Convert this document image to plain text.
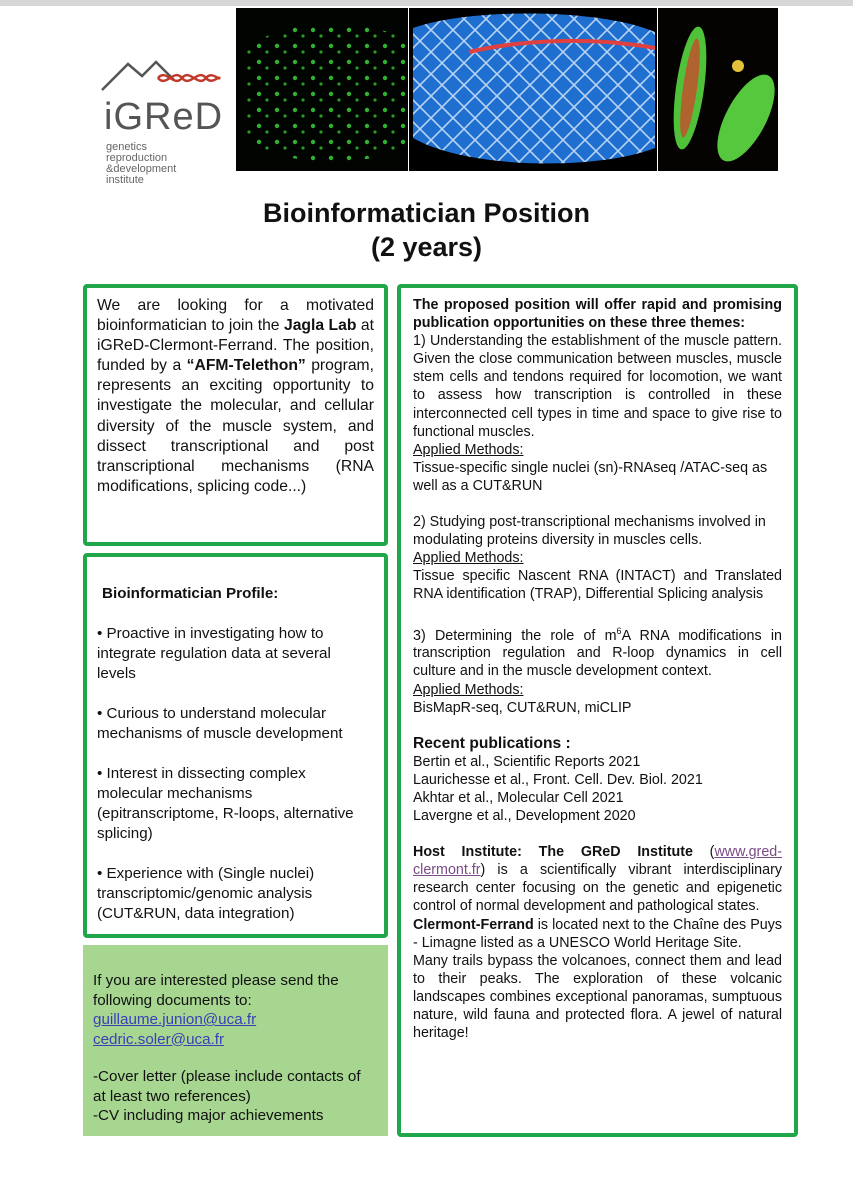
iGReD
genetics
reproduction
&development
institute
Bioinformatician Position
(2 years)

We are looking for a motivated bioinformatician to join the Jagla Lab at iGReD-Clermont-Ferrand. The position, funded by a “AFM-Telethon” program, represents an exciting opportunity to investigate the molecular, and cellular diversity of the muscle system, and dissect transcriptional and post transcriptional mechanisms (RNA modifications, splicing code...)

Bioinformatician Profile:

• Proactive in investigating how to integrate regulation data at several levels

• Curious to understand molecular mechanisms of muscle development

• Interest in dissecting complex molecular mechanisms (epitranscriptome, R-loops, alternative splicing)

• Experience with (Single nuclei) transcriptomic/genomic analysis (CUT&RUN, data integration)

If you are interested please send the following documents to:

guillaume.junion@uca.fr

cedric.soler@uca.fr

-Cover letter (please include contacts of at least two references)

-CV including major achievements

The proposed position will offer rapid and promising publication opportunities on these three themes:

1) Understanding the establishment of the muscle pattern. Given the close communication between muscles, muscle stem cells and tendons required for locomotion, we want to assess how transcription is controlled in these interconnected cell types in time and space to give rise to functional muscles.

Applied Methods:

Tissue-specific single nuclei (sn)-RNAseq /ATAC-seq as well as a CUT&RUN

2) Studying post-transcriptional mechanisms involved in modulating proteins diversity in muscles cells.

Applied Methods:

Tissue specific Nascent RNA (INTACT) and Translated RNA identification (TRAP), Differential Splicing analysis

3) Determining the role of $m^6A$ RNA modifications in transcription regulation and R-loop dynamics in cell culture and in the muscle development context.

Applied Methods:

BisMapR-seq, CUT&RUN, miCLIP

Recent publications :

Bertin et al., Scientific Reports 2021

Laurichesse et al., Front. Cell. Dev. Biol. 2021

Akhtar et al., Molecular Cell 2021

Lavergne et al., Development 2020

Host Institute: The GReD Institute (www.gred-clermont.fr) is a scientifically vibrant interdisciplinary research center focusing on the genetic and epigenetic control of normal development and pathological states.

Clermont-Ferrand is located next to the Chaîne des Puys - Limagne listed as a UNESCO World Heritage Site.

Many trails bypass the volcanoes, connect them and lead to their peaks. The exploration of these volcanic landscapes combines exceptional panoramas, sumptuous nature, wild fauna and protected flora. A jewel of natural heritage!
